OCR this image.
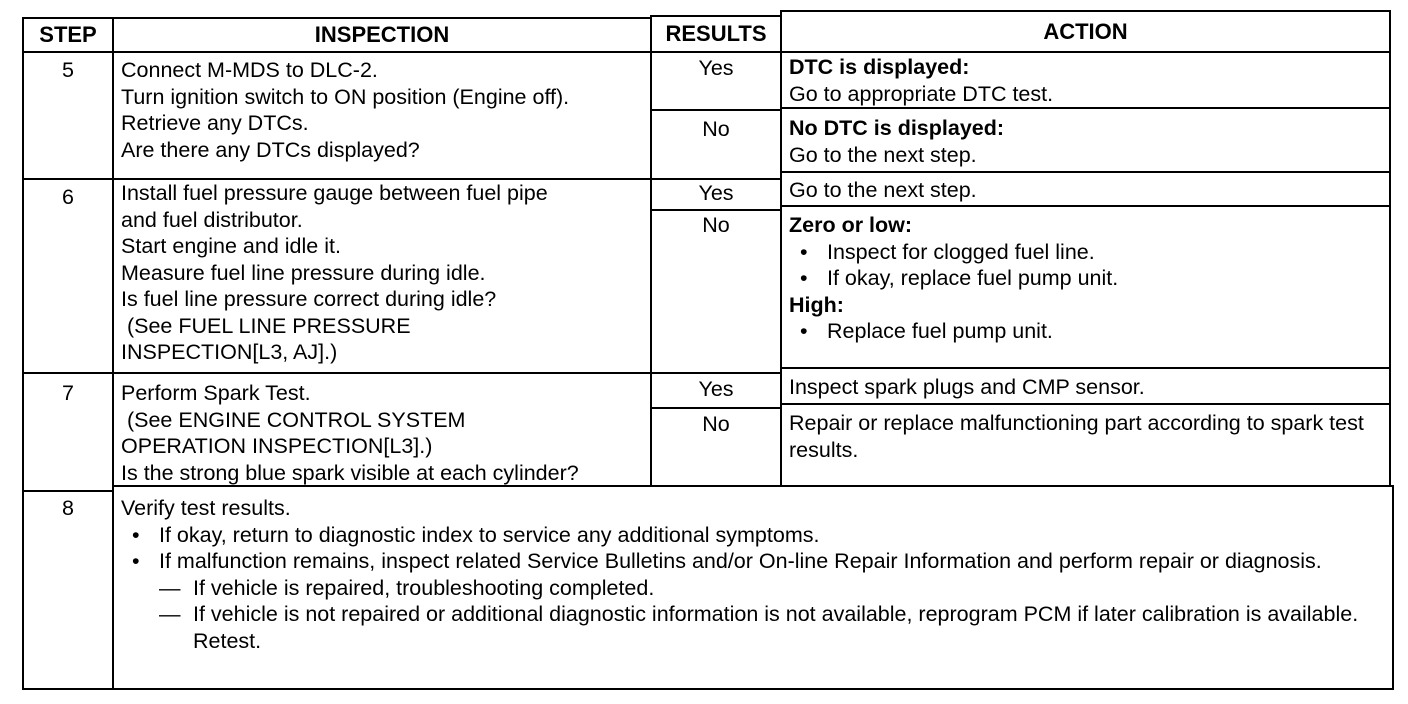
STEP	INSPECTION	RESULTS	ACTION
5	Connect M-MDS to DLC-2.
Turn ignition switch to ON position (Engine off).
Retrieve any DTCs.
Are there any DTCs displayed?
Yes	DTC is displayed:
Go to appropriate DTC test.
No	No DTC is displayed:
Go to the next step.
6	Install fuel pressure gauge between fuel pipe
and fuel distributor.
Start engine and idle it.
Measure fuel line pressure during idle.
Is fuel line pressure correct during idle?
(See FUEL LINE PRESSURE
INSPECTION[L3, AJ].)
Yes	Go to the next step.
No	Zero or low:
• Inspect for clogged fuel line.
• If okay, replace fuel pump unit.
High:
• Replace fuel pump unit.
7	Perform Spark Test.
(See ENGINE CONTROL SYSTEM
OPERATION INSPECTION[L3].)
Is the strong blue spark visible at each cylinder?
Yes	Inspect spark plugs and CMP sensor.
No	Repair or replace malfunctioning part according to spark test results.
8	Verify test results.
• If okay, return to diagnostic index to service any additional symptoms.
• If malfunction remains, inspect related Service Bulletins and/or On-line Repair Information and perform repair or diagnosis.
— If vehicle is repaired, troubleshooting completed.
— If vehicle is not repaired or additional diagnostic information is not available, reprogram PCM if later calibration is available. Retest.
